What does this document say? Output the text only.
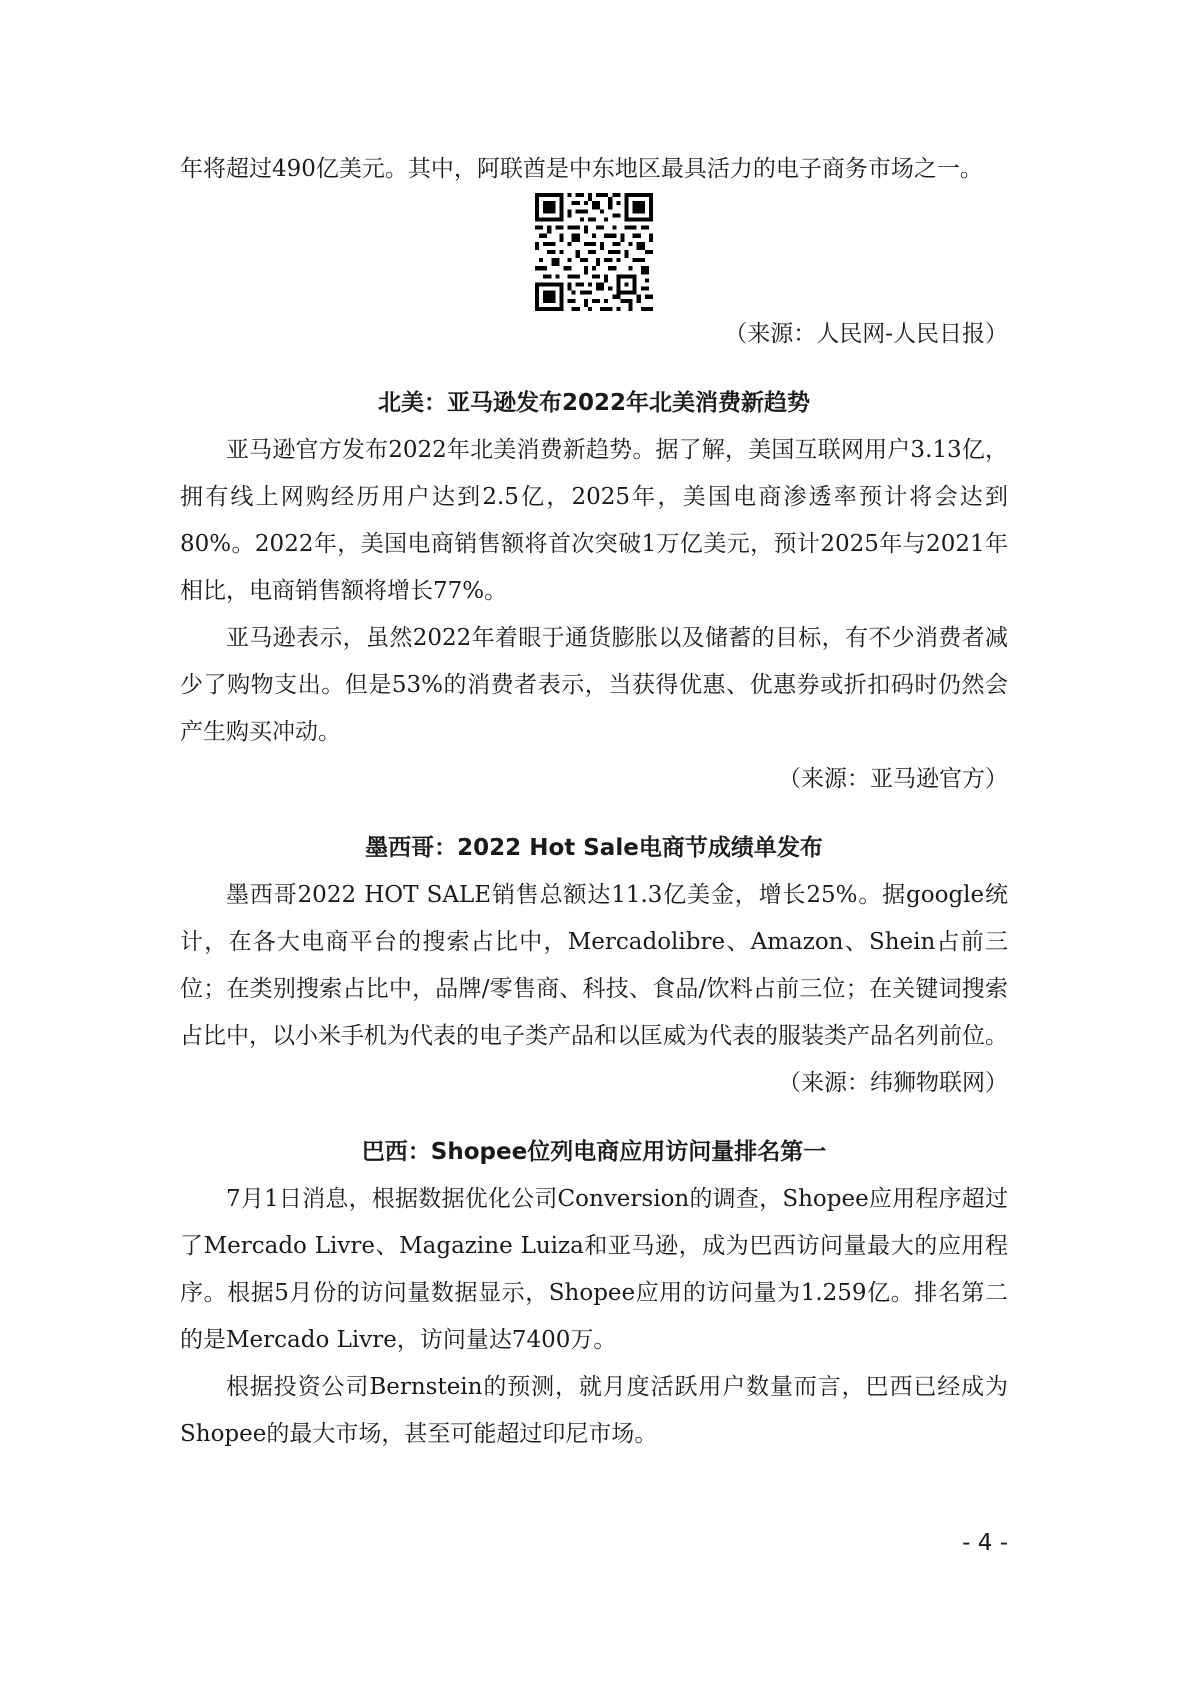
年将超过490亿美元。其中，阿联酋是中东地区最具活力的电子商务市场之一。

（来源：人民网-人民日报）

北美：亚马逊发布2022年北美消费新趋势

亚马逊官方发布2022年北美消费新趋势。据了解，美国互联网用户3.13亿，拥有线上网购经历用户达到2.5亿，2025年，美国电商渗透率预计将会达到80%。2022年，美国电商销售额将首次突破1万亿美元，预计2025年与2021年相比，电商销售额将增长77%。

亚马逊表示，虽然2022年着眼于通货膨胀以及储蓄的目标，有不少消费者减少了购物支出。但是53%的消费者表示，当获得优惠、优惠券或折扣码时仍然会产生购买冲动。

（来源：亚马逊官方）

墨西哥：2022 Hot Sale电商节成绩单发布

墨西哥2022 HOT SALE销售总额达11.3亿美金，增长25%。据google统计，在各大电商平台的搜索占比中，Mercadolibre、Amazon、Shein占前三位；在类别搜索占比中，品牌/零售商、科技、食品/饮料占前三位；在关键词搜索占比中，以小米手机为代表的电子类产品和以匡威为代表的服装类产品名列前位。

（来源：纬狮物联网）

巴西：Shopee位列电商应用访问量排名第一

7月1日消息，根据数据优化公司Conversion的调查，Shopee应用程序超过了Mercado Livre、Magazine Luiza和亚马逊，成为巴西访问量最大的应用程序。根据5月份的访问量数据显示，Shopee应用的访问量为1.259亿。排名第二的是Mercado Livre，访问量达7400万。

根据投资公司Bernstein的预测，就月度活跃用户数量而言，巴西已经成为Shopee的最大市场，甚至可能超过印尼市场。

- 4 -
